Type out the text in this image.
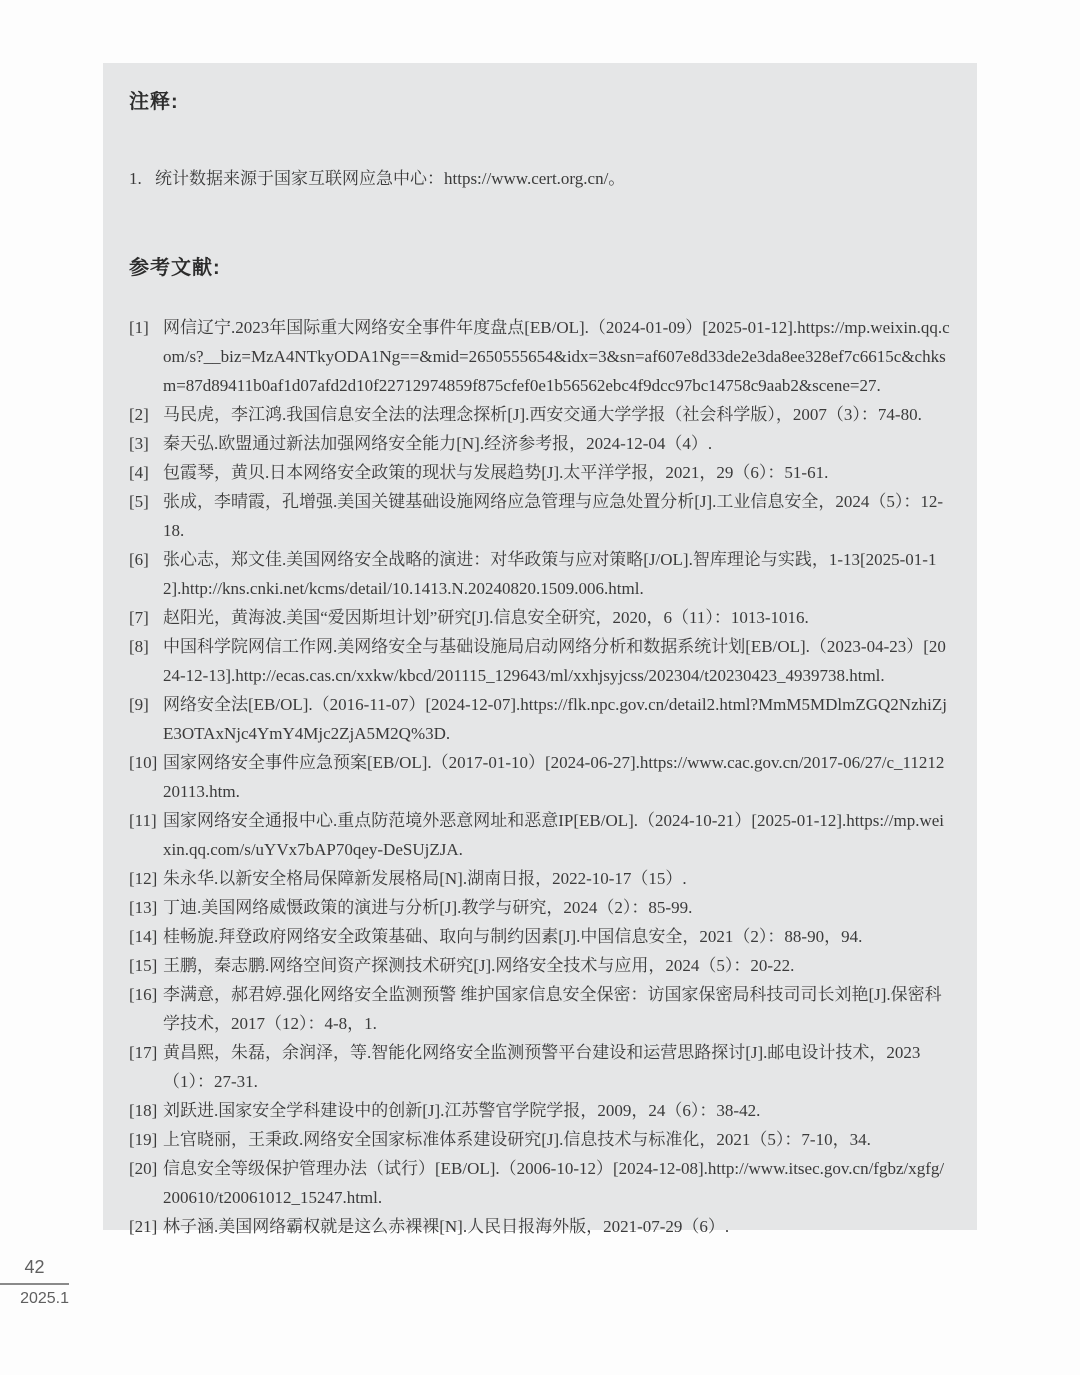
注释:
1. 统计数据来源于国家互联网应急中心：https://www.cert.org.cn/。
参考文献:
[1] 网信辽宁.2023年国际重大网络安全事件年度盘点[EB/OL].（2024-01-09）[2025-01-12].https://mp.weixin.qq.com/s?__biz=MzA4NTkyODA1Ng==&mid=2650555654&idx=3&sn=af607e8d33de2e3da8ee328ef7c6615c&chksm=87d89411b0af1d07afd2d10f22712974859f875cfef0e1b56562ebc4f9dcc97bc14758c9aab2&scene=27.
[2] 马民虎，李江鸿.我国信息安全法的法理念探析[J].西安交通大学学报（社会科学版），2007（3）：74-80.
[3] 秦天弘.欧盟通过新法加强网络安全能力[N].经济参考报，2024-12-04（4）.
[4] 包霞琴，黄贝.日本网络安全政策的现状与发展趋势[J].太平洋学报，2021，29（6）：51-61.
[5] 张成，李晴霞，孔增强.美国关键基础设施网络应急管理与应急处置分析[J].工业信息安全，2024（5）：12-18.
[6] 张心志，郑文佳.美国网络安全战略的演进：对华政策与应对策略[J/OL].智库理论与实践，1-13[2025-01-12].http://kns.cnki.net/kcms/detail/10.1413.N.20240820.1509.006.html.
[7] 赵阳光，黄海波.美国“爱因斯坦计划”研究[J].信息安全研究，2020，6（11）：1013-1016.
[8] 中国科学院网信工作网.美网络安全与基础设施局启动网络分析和数据系统计划[EB/OL].（2023-04-23）[2024-12-13].http://ecas.cas.cn/xxkw/kbcd/201115_129643/ml/xxhjsyjcss/202304/t20230423_4939738.html.
[9] 网络安全法[EB/OL].（2016-11-07）[2024-12-07].https://flk.npc.gov.cn/detail2.html?MmM5MDlmZGQ2NzhiZjE3OTAxNjc4YmY4Mjc2ZjA5M2Q%3D.
[10] 国家网络安全事件应急预案[EB/OL].（2017-01-10）[2024-06-27].https://www.cac.gov.cn/2017-06/27/c_1121220113.htm.
[11] 国家网络安全通报中心.重点防范境外恶意网址和恶意IP[EB/OL].（2024-10-21）[2025-01-12].https://mp.weixin.qq.com/s/uYVx7bAP70qey-DeSUjZJA.
[12] 朱永华.以新安全格局保障新发展格局[N].湖南日报，2022-10-17（15）.
[13] 丁迪.美国网络威慑政策的演进与分析[J].教学与研究，2024（2）：85-99.
[14] 桂畅旎.拜登政府网络安全政策基础、取向与制约因素[J].中国信息安全，2021（2）：88-90，94.
[15] 王鹏，秦志鹏.网络空间资产探测技术研究[J].网络安全技术与应用，2024（5）：20-22.
[16] 李满意，郝君婷.强化网络安全监测预警 维护国家信息安全保密：访国家保密局科技司司长刘艳[J].保密科学技术，2017（12）：4-8，1.
[17] 黄昌熙，朱磊，余润泽，等.智能化网络安全监测预警平台建设和运营思路探讨[J].邮电设计技术，2023（1）：27-31.
[18] 刘跃进.国家安全学科建设中的创新[J].江苏警官学院学报，2009，24（6）：38-42.
[19] 上官晓丽，王秉政.网络安全国家标准体系建设研究[J].信息技术与标准化，2021（5）：7-10，34.
[20] 信息安全等级保护管理办法（试行）[EB/OL].（2006-10-12）[2024-12-08].http://www.itsec.gov.cn/fgbz/xgfg/200610/t20061012_15247.html.
[21] 林子涵.美国网络霸权就是这么赤裸裸[N].人民日报海外版，2021-07-29（6）.
42
2025.1
